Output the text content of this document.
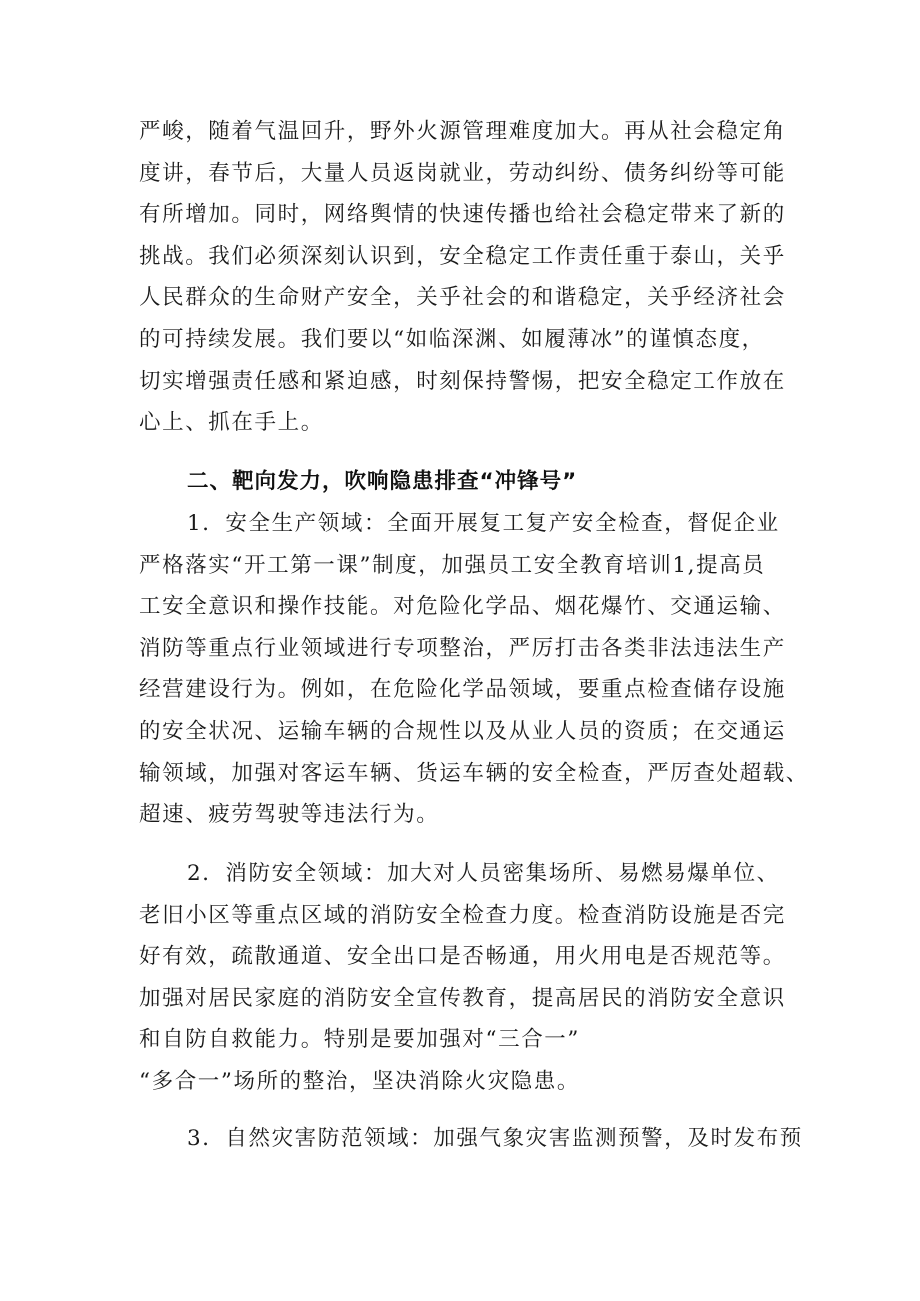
严峻，随着气温回升，野外火源管理难度加大。再从社会稳定角
度讲，春节后，大量人员返岗就业，劳动纠纷、债务纠纷等可能
有所增加。同时，网络舆情的快速传播也给社会稳定带来了新的
挑战。我们必须深刻认识到，安全稳定工作责任重于泰山，关乎
人民群众的生命财产安全，关乎社会的和谐稳定，关乎经济社会
的可持续发展。我们要以“如临深渊、如履薄冰”的谨慎态度，
切实增强责任感和紧迫感，时刻保持警惕，把安全稳定工作放在
心上、抓在手上。
二、靶向发力，吹响隐患排查“冲锋号”
1．安全生产领域：全面开展复工复产安全检查，督促企业
严格落实“开工第一课”制度，加强员工安全教育培训1,提高员
工安全意识和操作技能。对危险化学品、烟花爆竹、交通运输、
消防等重点行业领域进行专项整治，严厉打击各类非法违法生产
经营建设行为。例如，在危险化学品领域，要重点检查储存设施
的安全状况、运输车辆的合规性以及从业人员的资质；在交通运
输领域，加强对客运车辆、货运车辆的安全检查，严厉查处超载、
超速、疲劳驾驶等违法行为。
2．消防安全领域：加大对人员密集场所、易燃易爆单位、
老旧小区等重点区域的消防安全检查力度。检查消防设施是否完
好有效，疏散通道、安全出口是否畅通，用火用电是否规范等。
加强对居民家庭的消防安全宣传教育，提高居民的消防安全意识
和自防自救能力。特别是要加强对“三合一”
“多合一”场所的整治，坚决消除火灾隐患。
3．自然灾害防范领域：加强气象灾害监测预警，及时发布预
